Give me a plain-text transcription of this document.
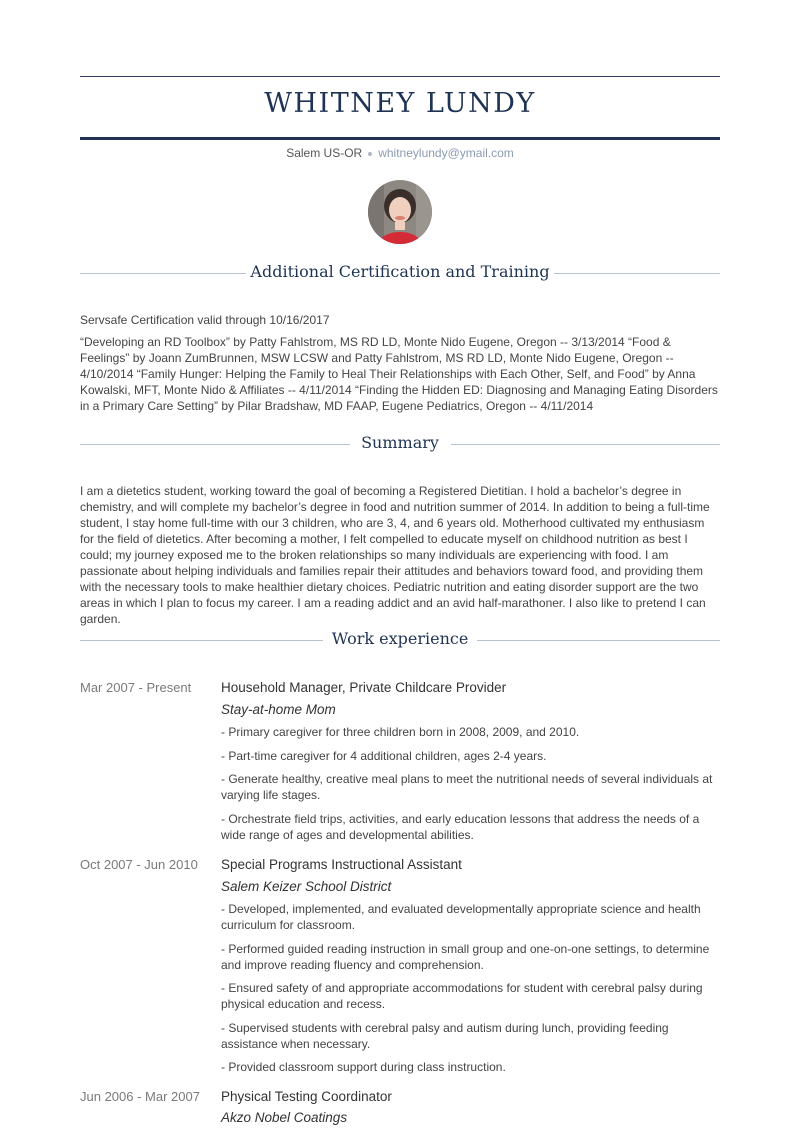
WHITNEY LUNDY
Salem US-OR whitneylundy@ymail.com
Additional Certification and Training
Servsafe Certification valid through 10/16/2017
“Developing an RD Toolbox” by Patty Fahlstrom, MS RD LD, Monte Nido Eugene, Oregon -- 3/13/2014 “Food & Feelings” by Joann ZumBrunnen, MSW LCSW and Patty Fahlstrom, MS RD LD, Monte Nido Eugene, Oregon -- 4/10/2014 “Family Hunger: Helping the Family to Heal Their Relationships with Each Other, Self, and Food” by Anna Kowalski, MFT, Monte Nido & Affiliates -- 4/11/2014 “Finding the Hidden ED: Diagnosing and Managing Eating Disorders in a Primary Care Setting” by Pilar Bradshaw, MD FAAP, Eugene Pediatrics, Oregon -- 4/11/2014
Summary
I am a dietetics student, working toward the goal of becoming a Registered Dietitian. I hold a bachelor’s degree in chemistry, and will complete my bachelor’s degree in food and nutrition summer of 2014. In addition to being a full-time student, I stay home full-time with our 3 children, who are 3, 4, and 6 years old. Motherhood cultivated my enthusiasm for the field of dietetics. After becoming a mother, I felt compelled to educate myself on childhood nutrition as best I could; my journey exposed me to the broken relationships so many individuals are experiencing with food. I am passionate about helping individuals and families repair their attitudes and behaviors toward food, and providing them with the necessary tools to make healthier dietary choices. Pediatric nutrition and eating disorder support are the two areas in which I plan to focus my career. I am a reading addict and an avid half-marathoner. I also like to pretend I can garden.
Work experience
Mar 2007 - Present Household Manager, Private Childcare Provider
Stay-at-home Mom
- Primary caregiver for three children born in 2008, 2009, and 2010.
- Part-time caregiver for 4 additional children, ages 2-4 years.
- Generate healthy, creative meal plans to meet the nutritional needs of several individuals at varying life stages.
- Orchestrate field trips, activities, and early education lessons that address the needs of a wide range of ages and developmental abilities.
Oct 2007 - Jun 2010 Special Programs Instructional Assistant
Salem Keizer School District
- Developed, implemented, and evaluated developmentally appropriate science and health curriculum for classroom.
- Performed guided reading instruction in small group and one-on-one settings, to determine and improve reading fluency and comprehension.
- Ensured safety of and appropriate accommodations for student with cerebral palsy during physical education and recess.
- Supervised students with cerebral palsy and autism during lunch, providing feeding assistance when necessary.
- Provided classroom support during class instruction.
Jun 2006 - Mar 2007 Physical Testing Coordinator
Akzo Nobel Coatings
